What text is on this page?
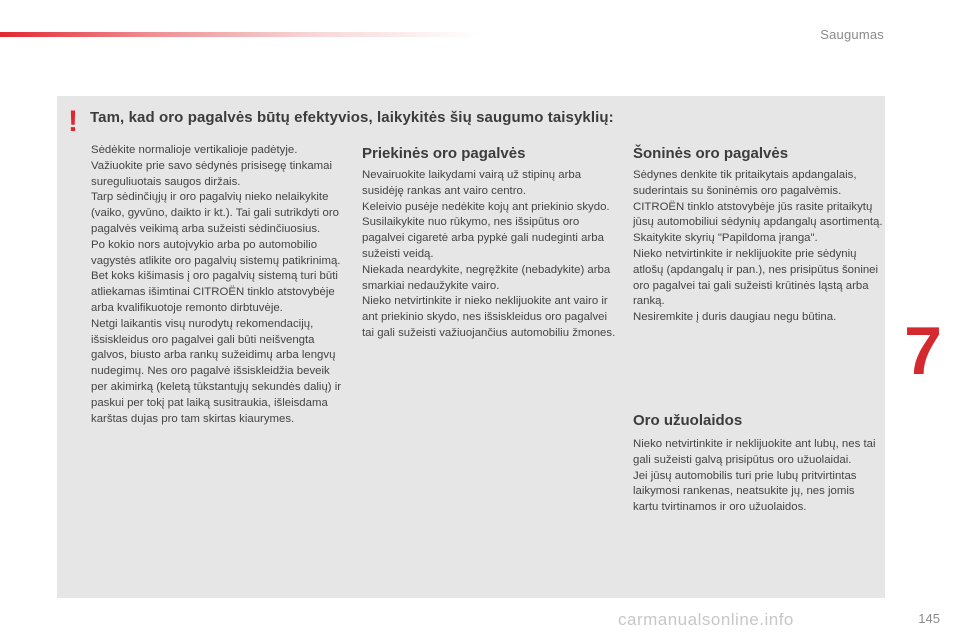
Saugumas
! Tam, kad oro pagalvės būtų efektyvios, laikykitės šių saugumo taisyklių:

Sėdėkite normalioje vertikalioje padėtyje.

Važiuokite prie savo sėdynės prisisegę tinkamai sureguliuotais saugos diržais.

Tarp sėdinčiųjų ir oro pagalvių nieko nelaikykite (vaiko, gyvūno, daikto ir kt.). Tai gali sutrikdyti oro pagalvės veikimą arba sužeisti sėdinčiuosius.

Po kokio nors autoįvykio arba po automobilio vagystės atlikite oro pagalvių sistemų patikrinimą.

Bet koks kišimasis į oro pagalvių sistemą turi būti atliekamas išimtinai CITROËN tinklo atstovybėje arba kvalifikuotoje remonto dirbtuvėje.

Netgi laikantis visų nurodytų rekomendacijų, išsiskleidus oro pagalvei gali būti neišvengta galvos, biusto arba rankų sužeidimų arba lengvų nudegimų. Nes oro pagalvė išsiskleidžia beveik per akimirką (keletą tūkstantųjų sekundės dalių) ir paskui per tokį pat laiką susitraukia, išleisdama karštas dujas pro tam skirtas kiaurymes.

Priekinės oro pagalvės

Nevairuokite laikydami vairą už stipinų arba susidėję rankas ant vairo centro.

Keleivio pusėje nedėkite kojų ant priekinio skydo.

Susilaikykite nuo rūkymo, nes išsipūtus oro pagalvei cigaretė arba pypkė gali nudeginti arba sužeisti veidą.

Niekada neardykite, negręžkite (nebadykite) arba smarkiai nedaužykite vairo.

Nieko netvirtinkite ir nieko neklijuokite ant vairo ir ant priekinio skydo, nes išsiskleidus oro pagalvei tai gali sužeisti važiuojančius automobiliu žmones.

Šoninės oro pagalvės

Sėdynes denkite tik pritaikytais apdangalais, suderintais su šoninėmis oro pagalvėmis. CITROËN tinklo atstovybėje jūs rasite pritaikytų jūsų automobiliui sėdynių apdangalų asortimentą.

Skaitykite skyrių "Papildoma įranga".

Nieko netvirtinkite ir neklijuokite prie sėdynių atlošų (apdangalų ir pan.), nes prisipūtus šoninei oro pagalvei tai gali sužeisti krūtinės ląstą arba ranką.

Nesiremkite į duris daugiau negu būtina.

Oro užuolaidos

Nieko netvirtinkite ir neklijuokite ant lubų, nes tai gali sužeisti galvą prisipūtus oro užuolaidai.

Jei jūsų automobilis turi prie lubų pritvirtintas laikymosi rankenas, neatsukite jų, nes jomis kartu tvirtinamos ir oro užuolaidos.

7
carmanualsonline.info	145
